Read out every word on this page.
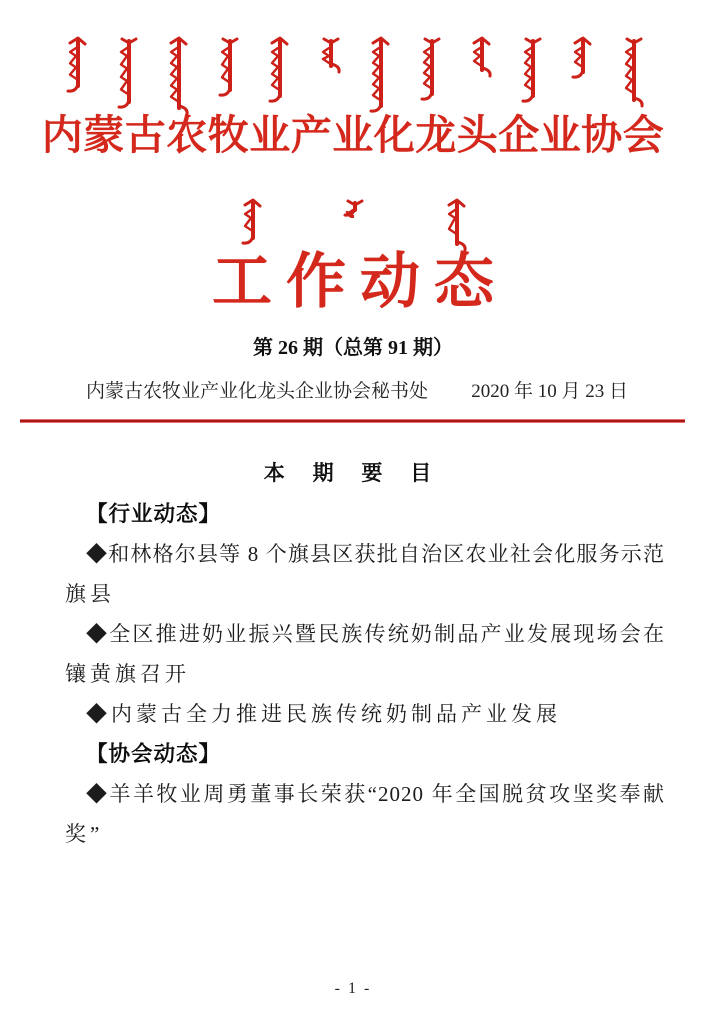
内蒙古农牧业产业化龙头企业协会
工作动态
第 26 期（总第 91 期）
内蒙古农牧业产业化龙头企业协会秘书处 2020 年 10 月 23 日
本 期 要 目
【行业动态】
◆和林格尔县等 8 个旗县区获批自治区农业社会化服务示范
旗县
◆全区推进奶业振兴暨民族传统奶制品产业发展现场会在
镶黄旗召开
◆内蒙古全力推进民族传统奶制品产业发展
【协会动态】
◆羊羊牧业周勇董事长荣获“2020 年全国脱贫攻坚奖奉献
奖”
- 1 -
